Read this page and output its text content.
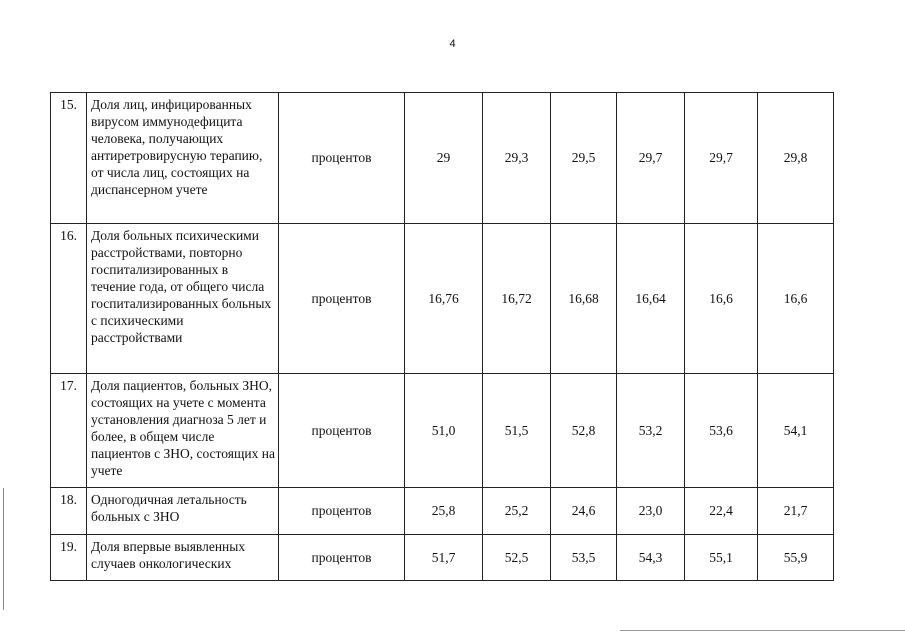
4
15.	Доля лиц, инфицированных вирусом иммунодефицита человека, получающих антиретровирусную терапию, от числа лиц, состоящих на диспансерном учете	процентов	29	29,3	29,5	29,7	29,7	29,8
16.	Доля больных психическими расстройствами, повторно госпитализированных в течение года, от общего числа госпитализированных больных с психическими расстройствами	процентов	16,76	16,72	16,68	16,64	16,6	16,6
17.	Доля пациентов, больных ЗНО, состоящих на учете с момента установления диагноза 5 лет и более, в общем числе пациентов с ЗНО, состоящих на учете	процентов	51,0	51,5	52,8	53,2	53,6	54,1
18.	Одногодичная летальность больных с ЗНО	процентов	25,8	25,2	24,6	23,0	22,4	21,7
19.	Доля впервые выявленных случаев онкологических	процентов	51,7	52,5	53,5	54,3	55,1	55,9
